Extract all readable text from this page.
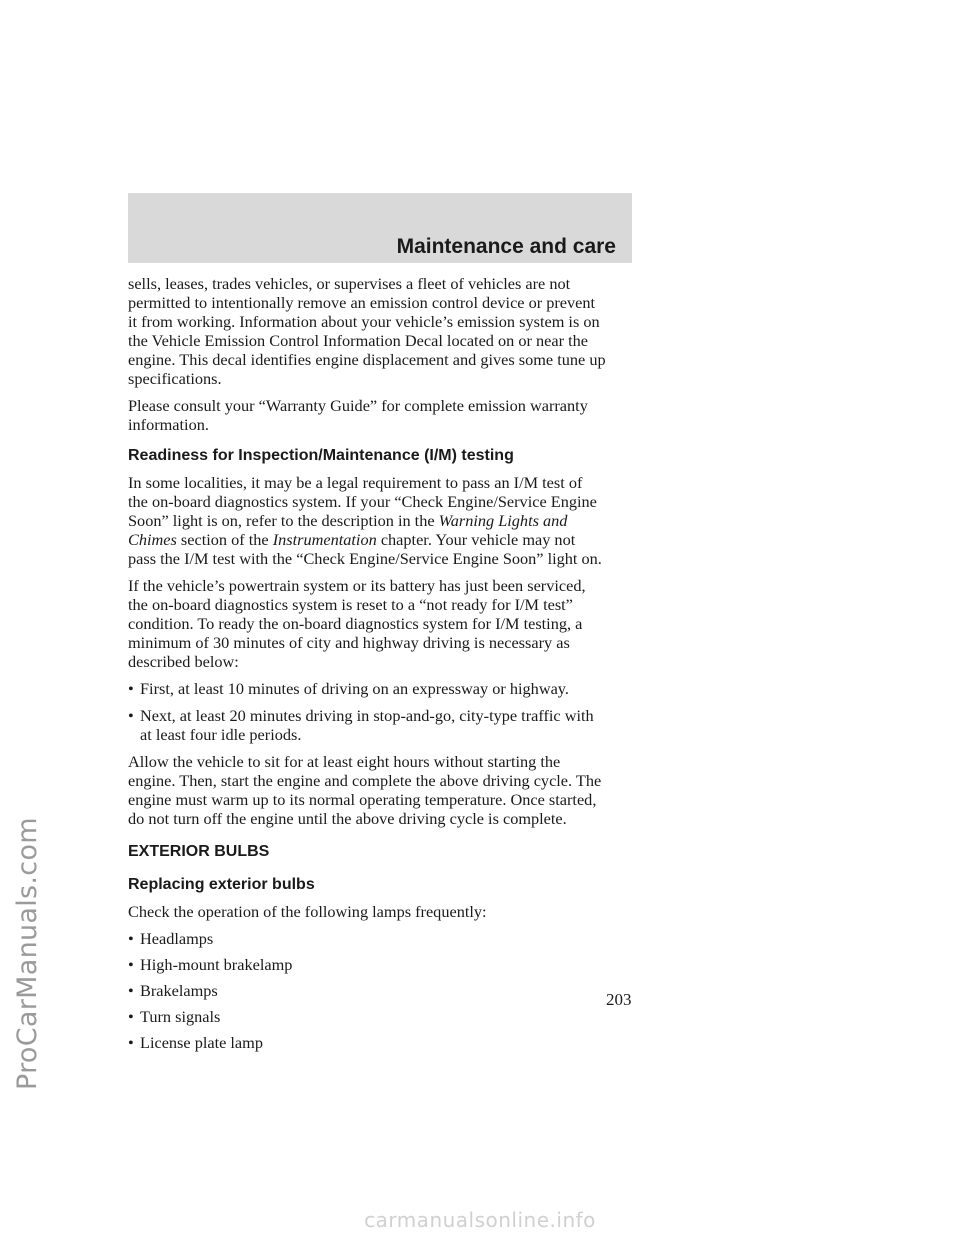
ProCarManuals.com
carmanualsonline.info
Maintenance and care

sells, leases, trades vehicles, or supervises a fleet of vehicles are not
permitted to intentionally remove an emission control device or prevent
it from working. Information about your vehicle’s emission system is on
the Vehicle Emission Control Information Decal located on or near the
engine. This decal identifies engine displacement and gives some tune up
specifications.

Please consult your “Warranty Guide” for complete emission warranty
information.

Readiness for Inspection/Maintenance (I/M) testing

In some localities, it may be a legal requirement to pass an I/M test of
the on-board diagnostics system. If your “Check Engine/Service Engine
Soon” light is on, refer to the description in the Warning Lights and
Chimes section of the Instrumentation chapter. Your vehicle may not
pass the I/M test with the “Check Engine/Service Engine Soon” light on.

If the vehicle’s powertrain system or its battery has just been serviced,
the on-board diagnostics system is reset to a “not ready for I/M test”
condition. To ready the on-board diagnostics system for I/M testing, a
minimum of 30 minutes of city and highway driving is necessary as
described below:

• First, at least 10 minutes of driving on an expressway or highway.
• Next, at least 20 minutes driving in stop-and-go, city-type traffic with
at least four idle periods.

Allow the vehicle to sit for at least eight hours without starting the
engine. Then, start the engine and complete the above driving cycle. The
engine must warm up to its normal operating temperature. Once started,
do not turn off the engine until the above driving cycle is complete.

EXTERIOR BULBS
Replacing exterior bulbs

Check the operation of the following lamps frequently:

• Headlamps
• High-mount brakelamp
• Brakelamps
• Turn signals
• License plate lamp
203
